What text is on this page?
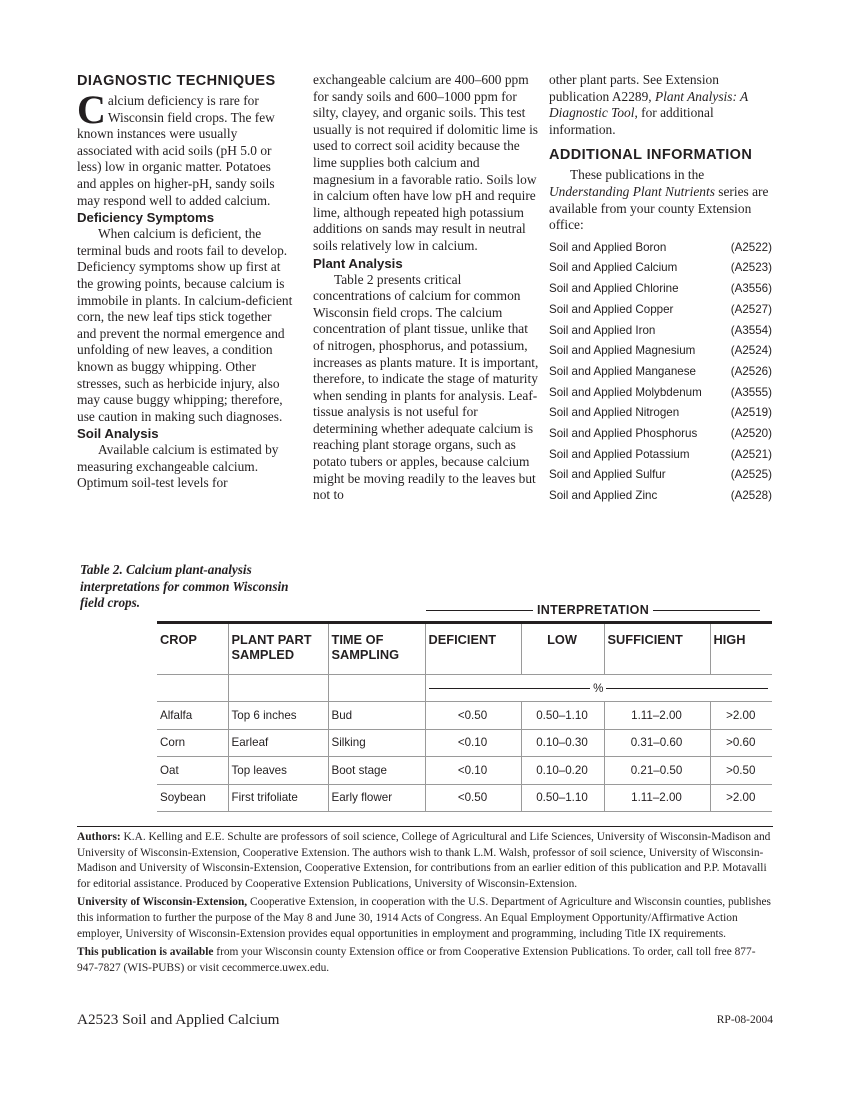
DIAGNOSTIC TECHNIQUES

Calcium deficiency is rare for Wisconsin field crops. The few known instances were usually associated with acid soils (pH 5.0 or less) low in organic matter. Potatoes and apples on higher-pH, sandy soils may respond well to added calcium.

Deficiency Symptoms

When calcium is deficient, the terminal buds and roots fail to develop. Deficiency symptoms show up first at the growing points, because calcium is immobile in plants. In calcium-deficient corn, the new leaf tips stick together and prevent the normal emergence and unfolding of new leaves, a condition known as buggy whipping. Other stresses, such as herbicide injury, also may cause buggy whipping; therefore, use caution in making such diagnoses.

Soil Analysis

Available calcium is estimated by measuring exchangeable calcium. Optimum soil-test levels for

exchangeable calcium are 400–600 ppm for sandy soils and 600–1000 ppm for silty, clayey, and organic soils. This test usually is not required if dolomitic lime is used to correct soil acidity because the lime supplies both calcium and magnesium in a favorable ratio. Soils low in calcium often have low pH and require lime, although repeated high potassium additions on sands may result in neutral soils relatively low in calcium.

Plant Analysis

Table 2 presents critical concentrations of calcium for common Wisconsin field crops. The calcium concentration of plant tissue, unlike that of nitrogen, phosphorus, and potassium, increases as plants mature. It is important, therefore, to indicate the stage of maturity when sending in plants for analysis. Leaf-tissue analysis is not useful for determining whether adequate calcium is reaching plant storage organs, such as potato tubers or apples, because calcium might be moving readily to the leaves but not to

other plant parts. See Extension publication A2289, Plant Analysis: A Diagnostic Tool, for additional information.

ADDITIONAL INFORMATION

These publications in the Understanding Plant Nutrients series are available from your county Extension office:

Soil and Applied Boron	(A2522)
Soil and Applied Calcium	(A2523)
Soil and Applied Chlorine	(A3556)
Soil and Applied Copper	(A2527)
Soil and Applied Iron	(A3554)
Soil and Applied Magnesium	(A2524)
Soil and Applied Manganese	(A2526)
Soil and Applied Molybdenum (A3555)
Soil and Applied Nitrogen	(A2519)
Soil and Applied Phosphorus	(A2520)
Soil and Applied Potassium	(A2521)
Soil and Applied Sulfur	(A2525)
Soil and Applied Zinc	(A2528)
Table 2. Calcium plant-analysis interpretations for common Wisconsin field crops.	INTERPRETATION
CROP	PLANT PART SAMPLED	TIME OF SAMPLING	DEFICIENT	LOW	SUFFICIENT	HIGH

			%			

Alfalfa	Top 6 inches	Bud	<0.50	0.50–1.10	1.11–2.00	>2.00
Corn	Earleaf	Silking	<0.10	0.10–0.30	0.31–0.60	>0.60
Oat	Top leaves	Boot stage	<0.10	0.10–0.20	0.21–0.50	>0.50
Soybean	First trifoliate	Early flower	<0.50	0.50–1.10	1.11–2.00	>2.00

Authors: K.A. Kelling and E.E. Schulte are professors of soil science, College of Agricultural and Life Sciences, University of Wisconsin-Madison and University of Wisconsin-Extension, Cooperative Extension. The authors wish to thank L.M. Walsh, professor of soil science, University of Wisconsin-Madison and University of Wisconsin-Extension, Cooperative Extension, for contributions from an earlier edition of this publication and P.P. Motavalli for editorial assistance. Produced by Cooperative Extension Publications, University of Wisconsin-Extension.

University of Wisconsin-Extension, Cooperative Extension, in cooperation with the U.S. Department of Agriculture and Wisconsin counties, publishes this information to further the purpose of the May 8 and June 30, 1914 Acts of Congress. An Equal Employment Opportunity/Affirmative Action employer, University of Wisconsin-Extension provides equal opportunities in employment and programming, including Title IX requirements.

This publication is available from your Wisconsin county Extension office or from Cooperative Extension Publications. To order, call toll free 877-947-7827 (WIS-PUBS) or visit cecommerce.uwex.edu.

A2523 Soil and Applied Calcium	RP-08-2004
